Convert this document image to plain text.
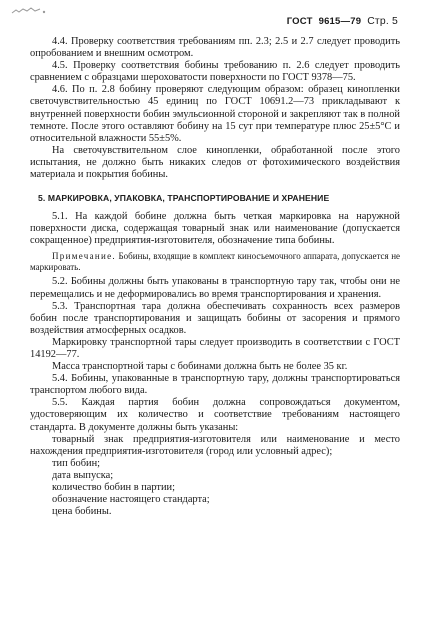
ГОСТ 9615—79 Стр. 5

4.4. Проверку соответствия требованиям пп. 2.3; 2.5 и 2.7 следует проводить опробованием и внешним осмотром.

4.5. Проверку соответствия бобины требованию п. 2.6 следует проводить сравнением с образцами шероховатости поверхности по ГОСТ 9378—75.

4.6. По п. 2.8 бобину проверяют следующим образом: образец кинопленки светочувствительностью 45 единиц по ГОСТ 10691.2—73 прикладывают к внутренней поверхности бобин эмульсионной стороной и закрепляют так в полной темноте. После этого оставляют бобину на 15 сут при температуре плюс 25±5°С и относительной влажности 55±5%.

На светочувствительном слое кинопленки, обработанной после этого испытания, не должно быть никаких следов от фотохимического воздействия материала и покрытия бобины.

5. МАРКИРОВКА, УПАКОВКА, ТРАНСПОРТИРОВАНИЕ И ХРАНЕНИЕ

5.1. На каждой бобине должна быть четкая маркировка на наружной поверхности диска, содержащая товарный знак или наименование (допускается сокращенное) предприятия-изготовителя, обозначение типа бобины.

Примечание. Бобины, входящие в комплект киносъемочного аппарата, допускается не маркировать.

5.2. Бобины должны быть упакованы в транспортную тару так, чтобы они не перемещались и не деформировались во время транспортирования и хранения.

5.3. Транспортная тара должна обеспечивать сохранность всех размеров бобин после транспортирования и защищать бобины от засорения и прямого воздействия атмосферных осадков.

Маркировку транспортной тары следует производить в соответствии с ГОСТ 14192—77.

Масса транспортной тары с бобинами должна быть не более 35 кг.

5.4. Бобины, упакованные в транспортную тару, должны транспортироваться транспортом любого вида.

5.5. Каждая партия бобин должна сопровождаться документом, удостоверяющим их количество и соответствие требованиям настоящего стандарта. В документе должны быть указаны:

товарный знак предприятия-изготовителя или наименование и место нахождения предприятия-изготовителя (город или условный адрес);

тип бобин;
дата выпуска;
количество бобин в партии;
обозначение настоящего стандарта;
цена бобины.
